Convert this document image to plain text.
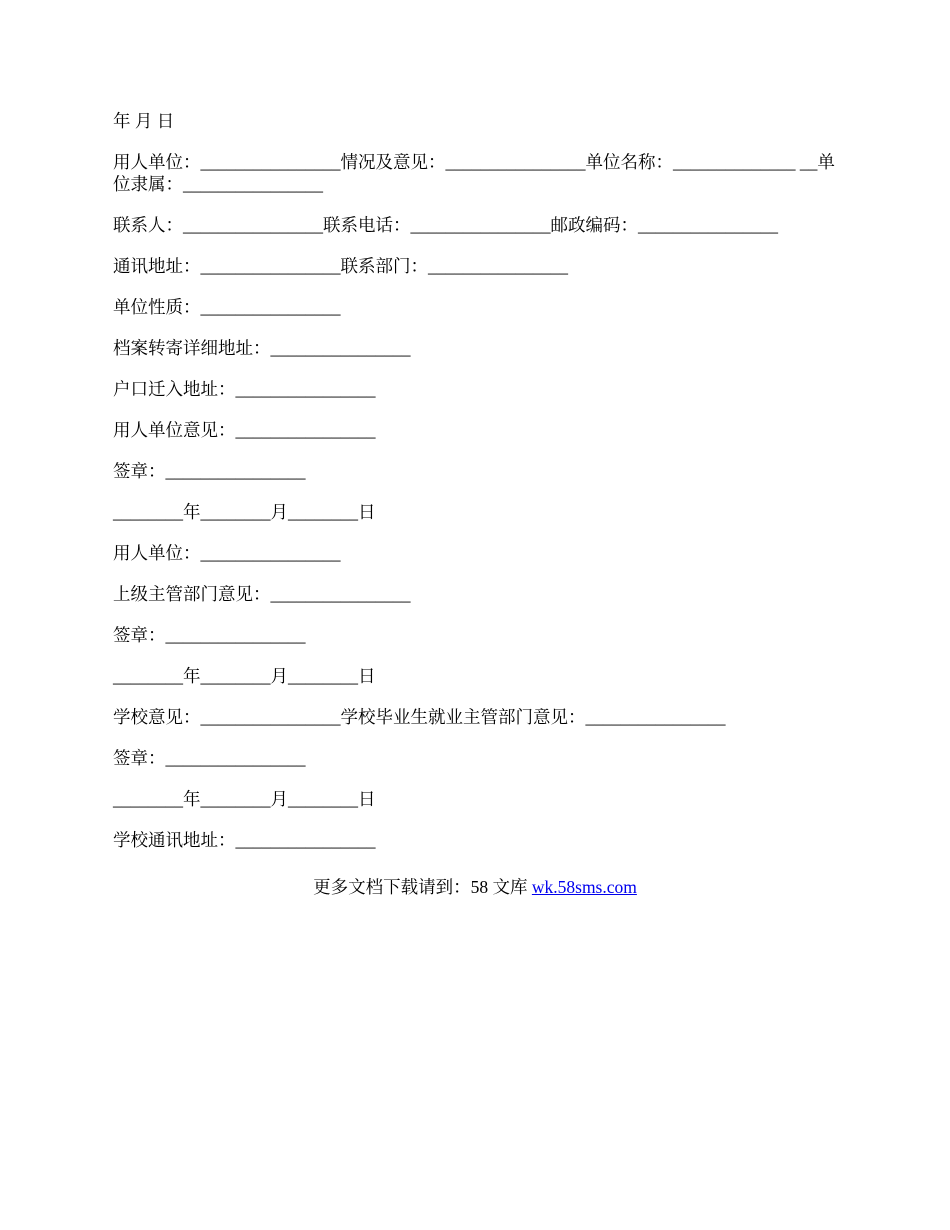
年 月 日
用人单位：________________情况及意见：________________单位名称：______________ __单位隶属：________________
联系人：________________联系电话：________________邮政编码：________________
通讯地址：________________联系部门：________________
单位性质：________________
档案转寄详细地址：________________
户口迁入地址：________________
用人单位意见：________________
签章：________________
________年________月________日
用人单位：________________
上级主管部门意见：________________
签章：________________
________年________月________日
学校意见：________________学校毕业生就业主管部门意见：________________
签章：________________
________年________月________日
学校通讯地址：________________
更多文档下载请到：58 文库 wk.58sms.com
